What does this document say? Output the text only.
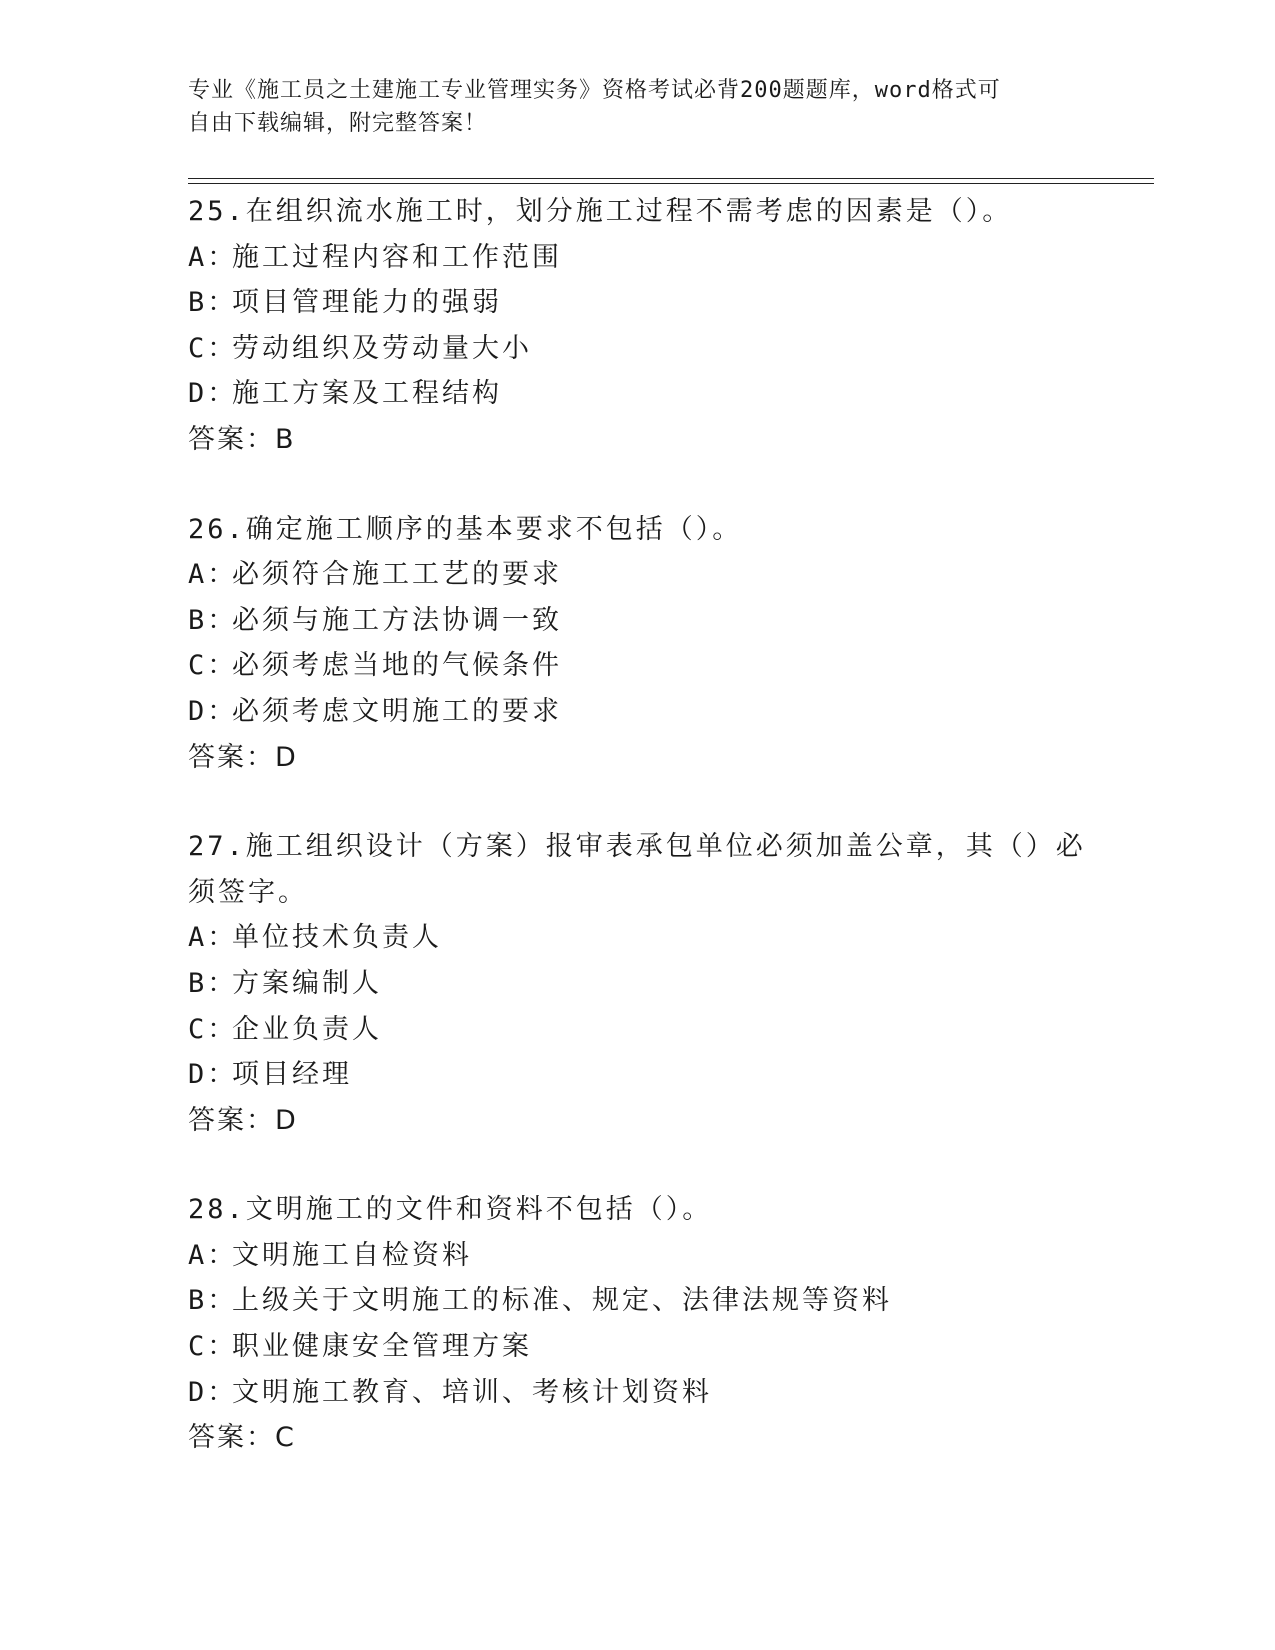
专业《施工员之土建施工专业管理实务》资格考试必背200题题库，word格式可
自由下载编辑，附完整答案！
25.在组织流水施工时，划分施工过程不需考虑的因素是（）。
A：施工过程内容和工作范围
B：项目管理能力的强弱
C：劳动组织及劳动量大小
D：施工方案及工程结构
答案：B
26.确定施工顺序的基本要求不包括（）。
A：必须符合施工工艺的要求
B：必须与施工方法协调一致
C：必须考虑当地的气候条件
D：必须考虑文明施工的要求
答案：D
27.施工组织设计（方案）报审表承包单位必须加盖公章，其（）必须签字。
A：单位技术负责人
B：方案编制人
C：企业负责人
D：项目经理
答案：D
28.文明施工的文件和资料不包括（）。
A：文明施工自检资料
B：上级关于文明施工的标准、规定、法律法规等资料
C：职业健康安全管理方案
D：文明施工教育、培训、考核计划资料
答案：C
